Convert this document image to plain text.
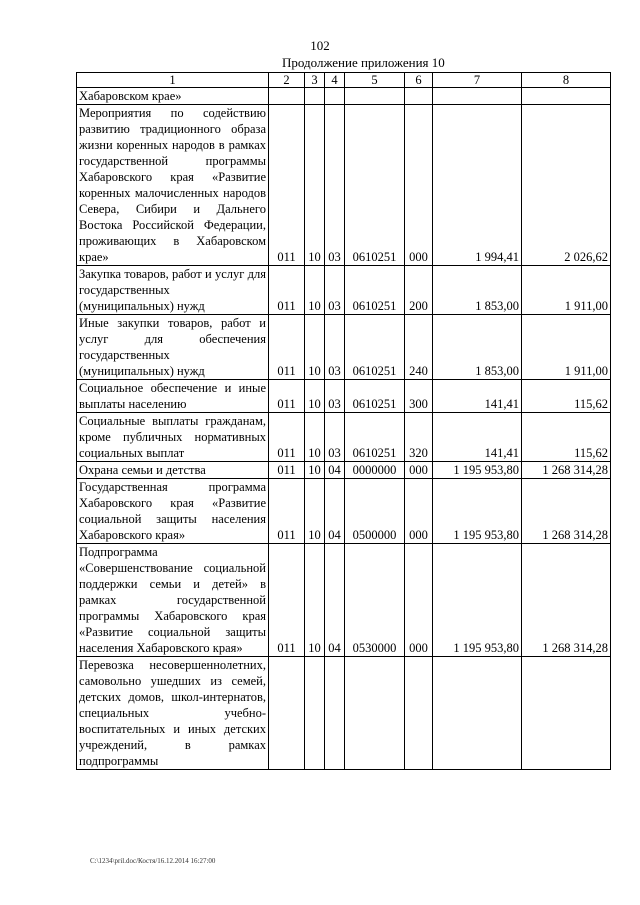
102
Продолжение приложения 10
1	2	3	4	5	6	7	8
Хабаровском крае»							
Мероприятия по содействию развитию традиционного образа жизни коренных народов в рамках государственной программы Хабаровского края «Развитие коренных малочисленных народов Севера, Сибири и Дальнего Востока Российской Федерации, проживающих в Хабаровском крае»	011	10	03	0610251	000	1 994,41	2 026,62
Закупка товаров, работ и услуг для государственных (муниципальных) нужд	011	10	03	0610251	200	1 853,00	1 911,00
Иные закупки товаров, работ и услуг для обеспечения государственных (муниципальных) нужд	011	10	03	0610251	240	1 853,00	1 911,00
Социальное обеспечение и иные выплаты населению	011	10	03	0610251	300	141,41	115,62
Социальные выплаты гражданам, кроме публичных нормативных социальных выплат	011	10	03	0610251	320	141,41	115,62
Охрана семьи и детства	011	10	04	0000000	000	1 195 953,80	1 268 314,28
Государственная программа Хабаровского края «Развитие социальной защиты населения Хабаровского края»	011	10	04	0500000	000	1 195 953,80	1 268 314,28
Подпрограмма «Совершенствование социальной поддержки семьи и детей» в рамках государственной программы Хабаровского края «Развитие социальной защиты населения Хабаровского края»	011	10	04	0530000	000	1 195 953,80	1 268 314,28
Перевозка несовершеннолетних, самовольно ушедших из семей, детских домов, школ-интернатов, специальных учебно-воспитательных и иных детских учреждений, в рамках подпрограммы							
C:\1234\pril.doc/Костя/16.12.2014 16:27:00
